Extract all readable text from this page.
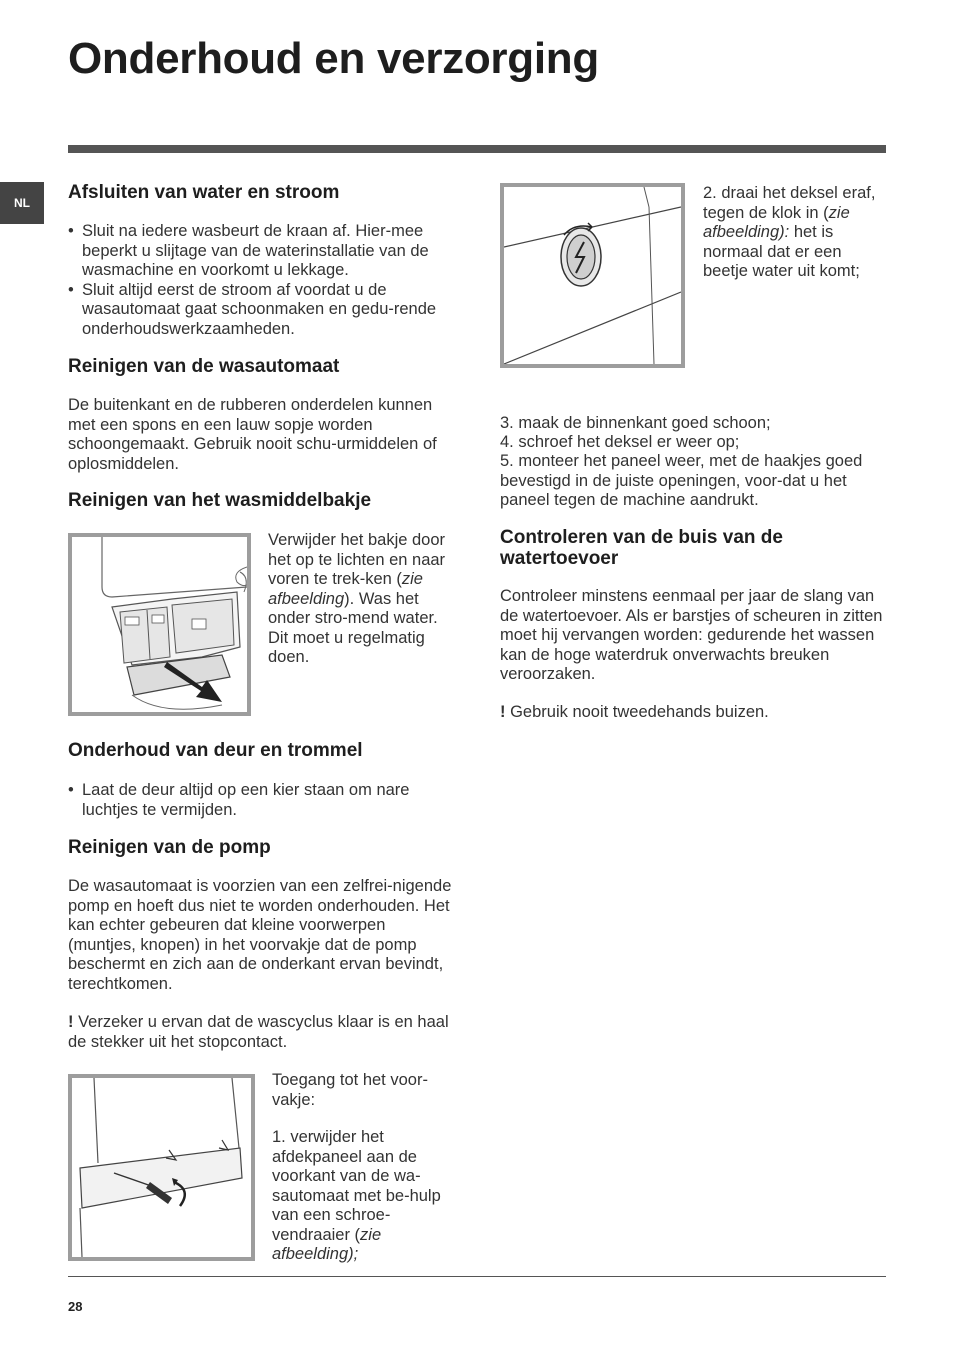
Onderhoud en verzorging
NL	Afsluiten van water en stroom
• Sluit na iedere wasbeurt de kraan af. Hier-mee beperkt u slijtage van de waterinstallatie van de wasmachine en voorkomt u lekkage.
• Sluit altijd eerst de stroom af voordat u de wasautomaat gaat schoonmaken en gedu-rende onderhoudswerkzaamheden.
Reinigen van de wasautomaat

De buitenkant en de rubberen onderdelen kunnen met een spons en een lauw sopje worden schoongemaakt. Gebruik nooit schu-urmiddelen of oplosmiddelen.

Reinigen van het wasmiddelbakje

Verwijder het bakje door het op te lichten en naar voren te trek-ken (zie afbeelding). Was het onder stro-mend water. Dit moet u regelmatig doen.

Onderhoud van deur en trommel
• Laat de deur altijd op een kier staan om nare luchtjes te vermijden.
Reinigen van de pomp

De wasautomaat is voorzien van een zelfrei-nigende pomp en hoeft dus niet te worden onderhouden. Het kan echter gebeuren dat kleine voorwerpen (muntjes, knopen) in het voorvakje dat de pomp beschermt en zich aan de onderkant ervan bevindt, terechtkomen.

! Verzeker u ervan dat de wascyclus klaar is en haal de stekker uit het stopcontact.

Toegang tot het voor-vakje:

1. verwijder het afdekpaneel aan de voorkant van de wa-sautomaat met be-hulp van een schroe-vendraaier (zie afbeelding);

2. draai het deksel eraf, tegen de klok in (zie afbeelding): het is normaal dat er een beetje water uit komt;

3. maak de binnenkant goed schoon;

4. schroef het deksel er weer op;

5. monteer het paneel weer, met de haakjes goed bevestigd in de juiste openingen, voor-dat u het paneel tegen de machine aandrukt.

Controleren van de buis van de watertoevoer

Controleer minstens eenmaal per jaar de slang van de watertoevoer. Als er barstjes of scheuren in zitten moet hij vervangen worden: gedurende het wassen kan de hoge waterdruk onverwachts breuken veroorzaken.

! Gebruik nooit tweedehands buizen.

28
